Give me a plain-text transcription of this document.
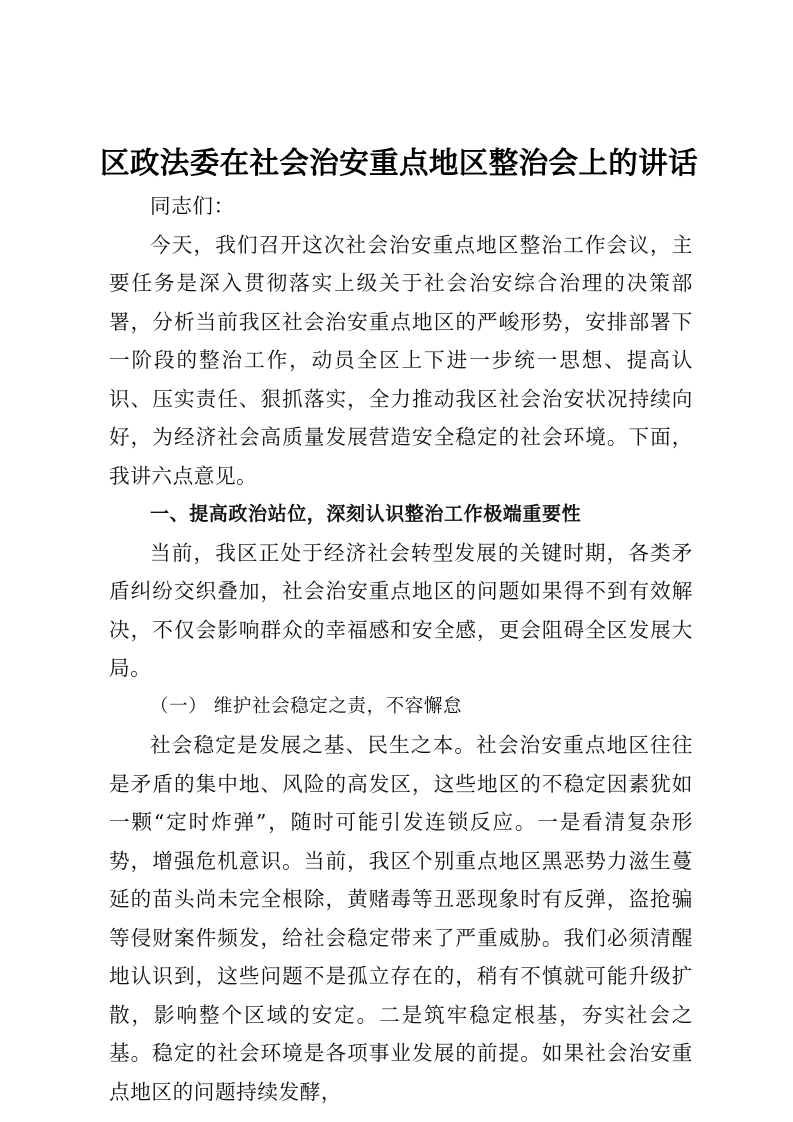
区政法委在社会治安重点地区整治会上的讲话

同志们：

今天，我们召开这次社会治安重点地区整治工作会议，主要任务是深入贯彻落实上级关于社会治安综合治理的决策部署，分析当前我区社会治安重点地区的严峻形势，安排部署下一阶段的整治工作，动员全区上下进一步统一思想、提高认识、压实责任、狠抓落实，全力推动我区社会治安状况持续向好，为经济社会高质量发展营造安全稳定的社会环境。下面，我讲六点意见。

一、提高政治站位，深刻认识整治工作极端重要性

当前，我区正处于经济社会转型发展的关键时期，各类矛盾纠纷交织叠加，社会治安重点地区的问题如果得不到有效解决，不仅会影响群众的幸福感和安全感，更会阻碍全区发展大局。

（一） 维护社会稳定之责，不容懈怠

社会稳定是发展之基、民生之本。社会治安重点地区往往是矛盾的集中地、风险的高发区，这些地区的不稳定因素犹如一颗“定时炸弹”，随时可能引发连锁反应。一是看清复杂形势，增强危机意识。当前，我区个别重点地区黑恶势力滋生蔓延的苗头尚未完全根除，黄赌毒等丑恶现象时有反弹，盗抢骗等侵财案件频发，给社会稳定带来了严重威胁。我们必须清醒地认识到，这些问题不是孤立存在的，稍有不慎就可能升级扩散，影响整个区域的安定。二是筑牢稳定根基，夯实社会之基。稳定的社会环境是各项事业发展的前提。如果社会治安重点地区的问题持续发酵，
